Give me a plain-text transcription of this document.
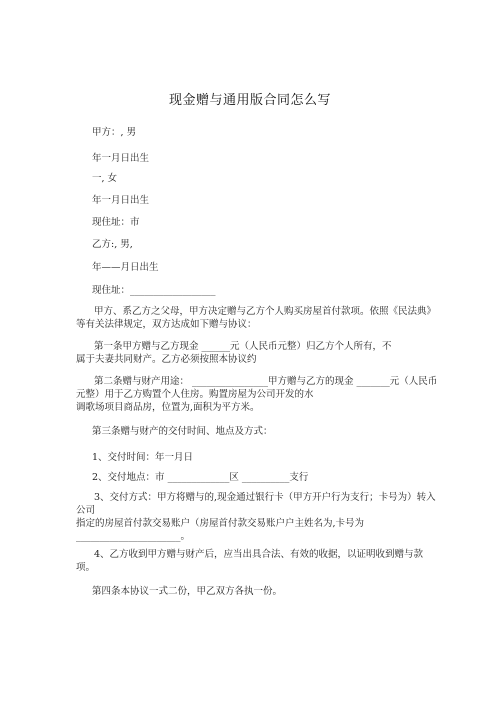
现金赠与通用版合同怎么写
甲方：, 男
年一月日出生
一, 女
年一月日出生
现住址：市
乙方:, 男,
年——月日出生
现住址：__________________
甲方、系乙方之父母，甲方决定赠与乙方个人购买房屋首付款项。依照《民法典》
等有关法律规定，双方达成如下赠与协议：
第一条甲方赠与乙方现金 ______元（人民币元整）归乙方个人所有，不
属于夫妻共同财产。乙方必须按照本协议约
第二条赠与财产用途： ________________甲方赠与乙方的现金 _______元（人民币
元整）用于乙方购置个人住房。购置房屋为公司开发的水
调歌场项目商品房，位置为,面积为平方米。
第三条赠与财产的交付时间、地点及方式：
1、交付时间：年一月日
2、交付地点：市 _____________区 __________支行
3、交付方式：甲方将赠与的,现金通过银行卡（甲方开户行为支行；卡号为）转入
公司
指定的房屋首付款交易账户（房屋首付款交易账户户主姓名为,卡号为
______________________。
4、乙方收到甲方赠与财产后，应当出具合法、有效的收据，以证明收到赠与款
项。
第四条本协议一式二份，甲乙双方各执一份。
